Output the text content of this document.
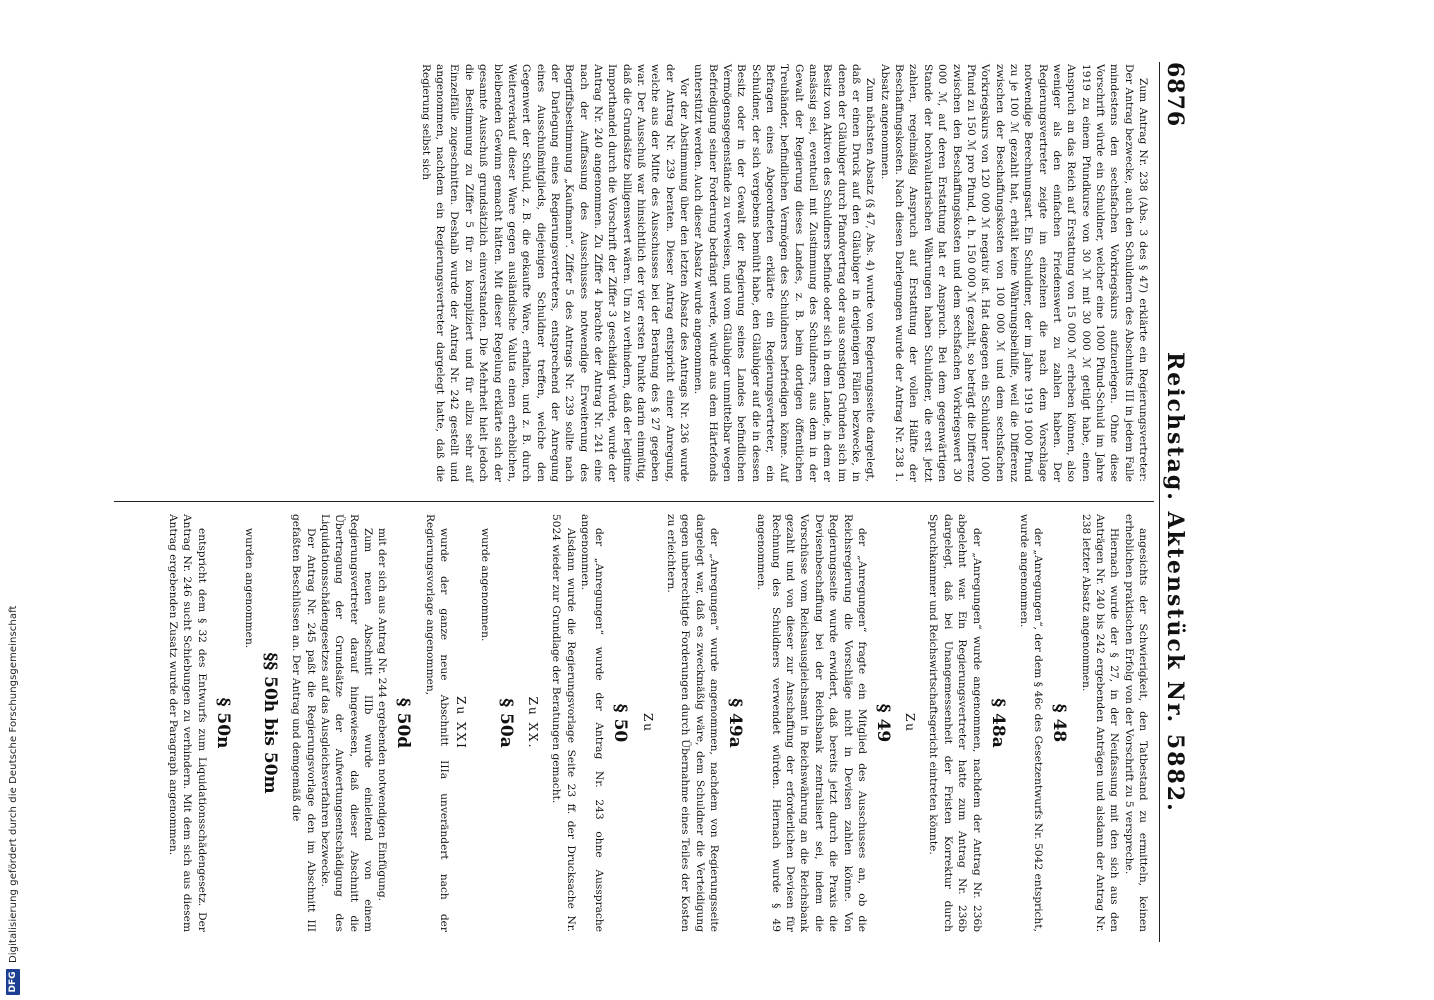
6876
Reichstag. Aktenstück Nr. 5882.

Zum Antrag Nr. 238 (Abs. 3 des § 47) erklärte ein Regierungsvertreter: Der Antrag bezwecke, auch den Schuldnern des Abschnitts III in jedem Falle mindestens den sechsfachen Vorkriegskurs aufzuerlegen. Ohne diese Vorschrift würde ein Schuldner, welcher eine 1000 Pfund-Schuld im Jahre 1919 zu einem Pfundkurse von 30 ℳ mit 30 000 ℳ getilgt habe, einen Anspruch an das Reich auf Erstattung von 15 000 ℳ erheben können, also weniger als den einfachen Friedenswert zu zahlen haben. Der Regierungsvertreter zeigte im einzelnen die nach dem Vorschlage notwendige Berechnungsart. Ein Schuldner, der im Jahre 1919 1000 Pfund zu je 100 ℳ gezahlt hat, erhält keine Währungsbeihilfe, weil die Differenz zwischen der Beschaffungskosten von 100 000 ℳ und dem sechsfachen Vorkriegskurs von 120 000 ℳ negativ ist. Hat dagegen ein Schuldner 1000 Pfund zu 150 ℳ pro Pfund, d. h. 150 000 ℳ gezahlt, so beträgt die Differenz zwischen den Beschaffungskosten und dem sechsfachen Vorkriegswert 30 000 ℳ, auf deren Erstattung hat er Anspruch. Bei dem gegenwärtigen Stande der hochvalutarischen Währungen haben Schuldner, die erst jetzt zahlen, regelmäßig Anspruch auf Erstattung der vollen Hälfte der Beschaffungskosten. Nach diesen Darlegungen wurde der Antrag Nr. 238 1. Absatz angenommen.

Zum nächsten Absatz (§ 47, Abs. 4) wurde von Regierungsseite dargelegt, daß er einen Druck auf den Gläubiger in denjenigen Fällen bezwecke, in denen der Gläubiger durch Pfandvertrag oder aus sonstigen Gründen sich im Besitz von Aktiven des Schuldners befinde oder sich in dem Lande, in dem er ansässig sei, eventuell mit Zustimmung des Schuldners, aus dem in der Gewalt der Regierung dieses Landes, z. B. beim dortigen öffentlichen Treuhänder, befindlichen Vermögen des Schuldners befriedigen könne. Auf Befragen eines Abgeordneten erklärte ein Regierungsvertreter, ein Schuldner, der sich vergebens bemüht habe, den Gläubiger auf die in dessen Besitz oder in der Gewalt der Regierung seines Landes befindlichen Vermögensgegenstände zu verweisen, und vom Gläubiger unmittelbar wegen Befriedigung seiner Forderung bedrängt werde, würde aus dem Härtefonds unterstützt werden. Auch dieser Absatz wurde angenommen.

Vor der Abstimmung über den letzten Absatz des Antrags Nr. 236 wurde der Antrag Nr. 239 beraten. Dieser Antrag entspricht einer Anregung, welche aus der Mitte des Ausschusses bei der Beratung des § 27 gegeben war. Der Ausschuß war hinsichtlich der vier ersten Punkte darin einmütig, daß die Grundsätze billigenswert wären. Um zu verhindern, daß der legitime Importhandel durch die Vorschrift der Ziffer 3 geschädigt würde, wurde der Antrag Nr. 240 angenommen. Zu Ziffer 4 brachte der Antrag Nr. 241 eine nach der Auffassung des Ausschusses notwendige Erweiterung des Begriffsbestimmung „Kaufmann“. Ziffer 5 des Antrags Nr. 239 sollte nach der Darlegung eines Regierungsvertreters, entsprechend der Anregung eines Ausschußmitglieds, diejenigen Schuldner treffen, welche den Gegenwert der Schuld, z. B. die gekaufte Ware, erhalten, und z. B. durch Weiterverkauf dieser Ware gegen ausländische Valuta einen erheblichen, bleibenden Gewinn gemacht hätten. Mit dieser Regelung erklärte sich der gesamte Ausschuß grundsätzlich einverstanden. Die Mehrheit hielt jedoch die Bestimmung zu Ziffer 5 für zu kompliziert und für allzu sehr auf Einzelfälle zugeschnitten. Deshalb wurde der Antrag Nr. 242 gestellt und angenommen, nachdem ein Regierungsvertreter dargelegt hatte, daß die Regierung selbst sich

angesichts der Schwierigkeit, den Tatbestand zu ermitteln, keinen erheblichen praktischen Erfolg von der Vorschrift zu 5 verspreche.

Hiernach wurde der § 27, in der Neufassung mit den sich aus den Anträgen Nr. 240 bis 242 ergebenden Anträgen und alsdann der Antrag Nr. 238 letzter Absatz angenommen.

§ 48

der „Anregungen“, der dem § 46c des Gesetzentwurfs Nr. 5042 entspricht, wurde angenommen.

§ 48a

der „Anregungen“ wurde angenommen, nachdem der Antrag Nr. 236b abgelehnt war. Ein Regierungsvertreter hatte zum Antrag Nr. 236b dargelegt, daß bei Unangemessenheit der Fristen Korrektur durch Spruchkammer und Reichswirtschaftsgericht eintreten könnte.

Zu
§ 49

der „Anregungen“ fragte ein Mitglied des Ausschusses an, ob die Reichsregierung die Vorschläge nicht in Devisen zahlen könne. Von Regierungsseite wurde erwidert, daß bereits jetzt durch die Praxis die Devisenbeschaffung bei der Reichsbank zentralisiert sei, indem die Vorschüsse vom Reichsausgleichsamt in Reichswährung an die Reichsbank gezahlt und von dieser zur Anschaffung der erforderlichen Devisen für Rechnung des Schuldners verwendet würden. Hiernach wurde § 49 angenommen.

§ 49a

der „Anregungen“ wurde angenommen, nachdem von Regierungsseite dargelegt war, daß es zweckmäßig wäre, dem Schuldner die Verteidigung gegen unberechtigte Forderungen durch Übernahme eines Teiles der Kosten zu erleichtern.

Zu
§ 50

der „Anregungen“ wurde der Antrag Nr. 243 ohne Aussprache angenommen.

Alsdann wurde die Regierungsvorlage Seite 23 ff. der Drucksache Nr. 5024 wieder zur Grundlage der Beratungen gemacht.

Zu XX.
§ 50a

wurde angenommen.

Zu XXI

wurde der ganze neue Abschnitt IIIa unverändert nach der Regierungsvorlage angenommen,

§ 50d

mit der sich aus Antrag Nr. 244 ergebenden notwendigen Einfügung.

Zum neuen Abschnitt IIIb wurde einleitend von einem Regierungsvertreter darauf hingewiesen, daß dieser Abschnitt die Übertragung der Grundsätze der Aufwertungsentschädigung des Liquidationsschädengesetzes auf das Ausgleichsverfahren bezwecke.

Der Antrag Nr. 245 paßt die Regierungsvorlage den im Abschnitt III gefaßten Beschlüssen an. Der Antrag und demgemäß die

§§ 50h bis 50m

wurden angenommen.

§ 50n

entspricht dem § 32 des Entwurfs zum Liquidationsschädengesetz. Der Antrag Nr. 246 sucht Schiebungen zu verhindern. Mit dem sich aus diesem Antrag ergebenden Zusatz wurde der Paragraph angenommen.

DFG
Digitalisierung gefördert durch die Deutsche Forschungsgemeinschaft
